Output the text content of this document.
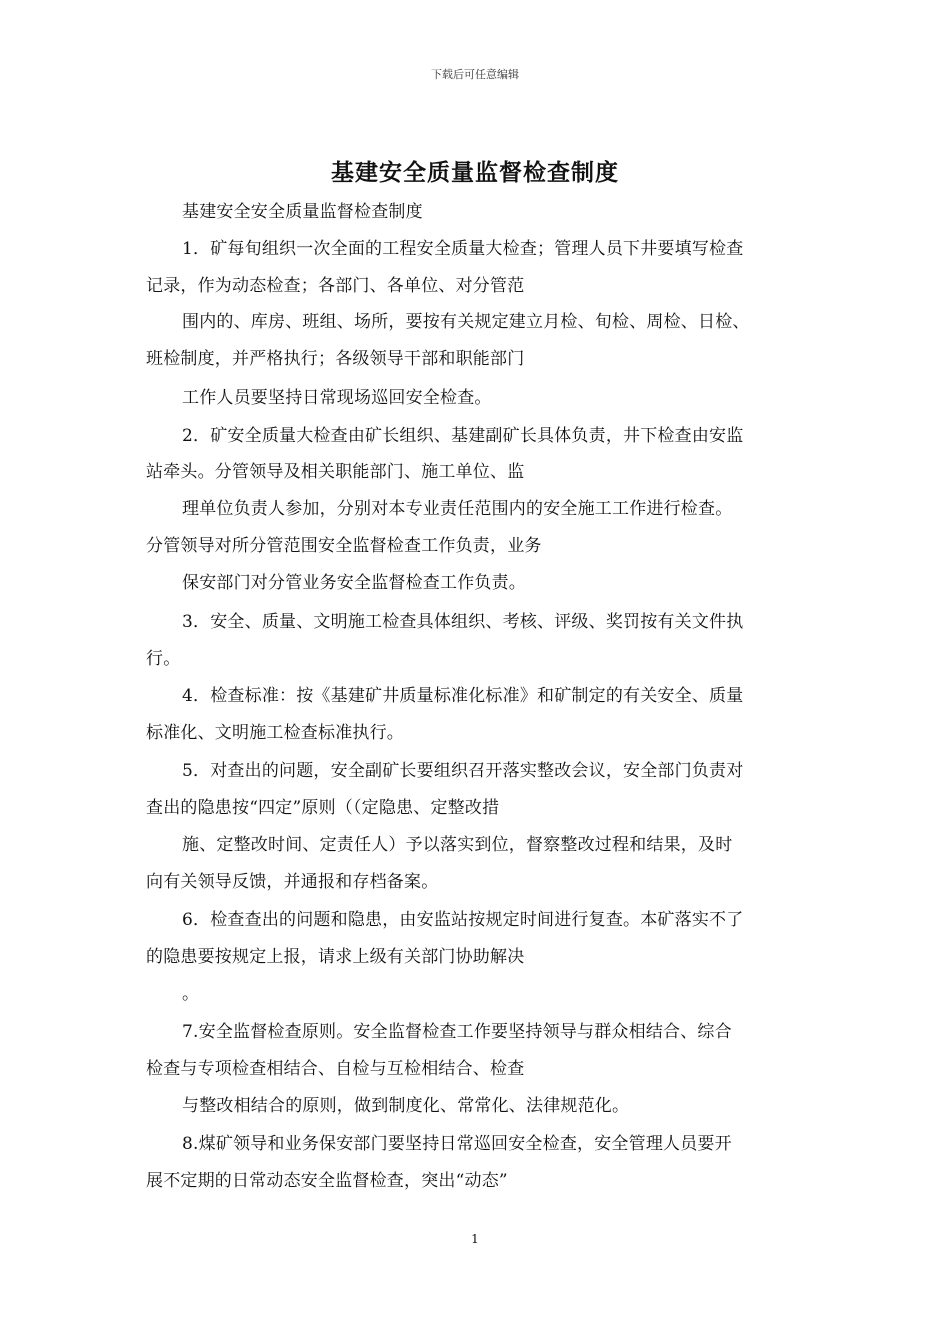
下载后可任意编辑
基建安全质量监督检查制度
基建安全安全质量监督检查制度
1．矿每旬组织一次全面的工程安全质量大检查；管理人员下井要填写检查
记录，作为动态检查；各部门、各单位、对分管范
围内的、库房、班组、场所，要按有关规定建立月检、旬检、周检、日检、
班检制度，并严格执行；各级领导干部和职能部门
工作人员要坚持日常现场巡回安全检查。
2．矿安全质量大检查由矿长组织、基建副矿长具体负责，井下检查由安监
站牵头。分管领导及相关职能部门、施工单位、监
理单位负责人参加，分别对本专业责任范围内的安全施工工作进行检查。
分管领导对所分管范围安全监督检查工作负责，业务
保安部门对分管业务安全监督检查工作负责。
3．安全、质量、文明施工检查具体组织、考核、评级、奖罚按有关文件执
行。
4．检查标准：按《基建矿井质量标准化标准》和矿制定的有关安全、质量
标准化、文明施工检查标准执行。
5．对查出的问题，安全副矿长要组织召开落实整改会议，安全部门负责对
查出的隐患按“四定”原则（（定隐患、定整改措
施、定整改时间、定责任人）予以落实到位，督察整改过程和结果，及时
向有关领导反馈，并通报和存档备案。
6．检查查出的问题和隐患，由安监站按规定时间进行复查。本矿落实不了
的隐患要按规定上报，请求上级有关部门协助解决
。
7.安全监督检查原则。安全监督检查工作要坚持领导与群众相结合、综合
检查与专项检查相结合、自检与互检相结合、检查
与整改相结合的原则，做到制度化、常常化、法律规范化。
8.煤矿领导和业务保安部门要坚持日常巡回安全检查，安全管理人员要开
展不定期的日常动态安全监督检查，突出“动态”
1
